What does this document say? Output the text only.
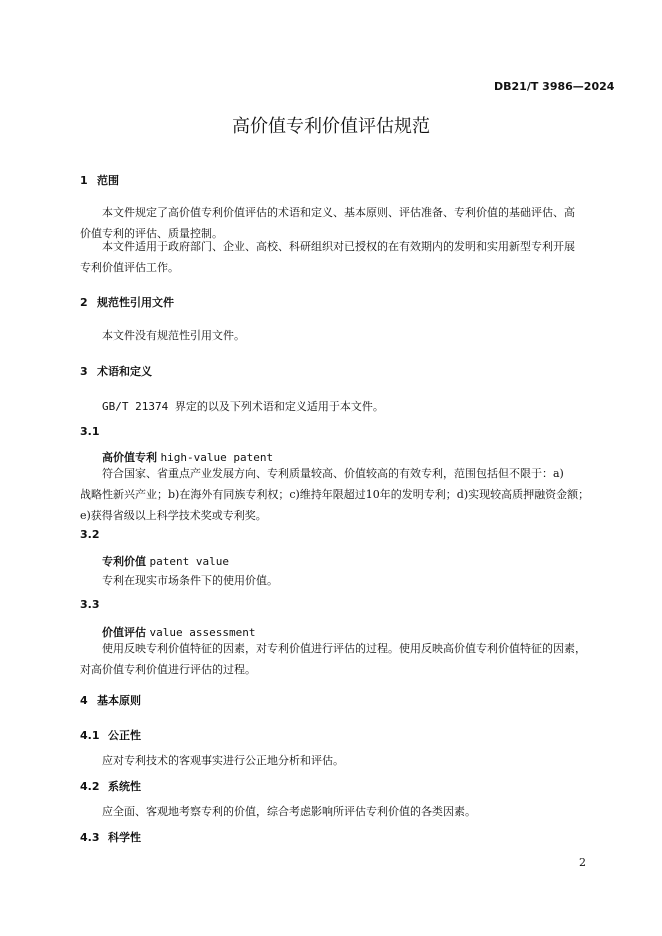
DB21/T 3986—2024
高价值专利价值评估规范
1 范围
本文件规定了高价值专利价值评估的术语和定义、基本原则、评估准备、专利价值的基础评估、高
价值专利的评估、质量控制。
本文件适用于政府部门、企业、高校、科研组织对已授权的在有效期内的发明和实用新型专利开展
专利价值评估工作。
2 规范性引用文件
本文件没有规范性引用文件。
3 术语和定义
GB/T 21374 界定的以及下列术语和定义适用于本文件。
3.1
高价值专利 high-value patent
符合国家、省重点产业发展方向、专利质量较高、价值较高的有效专利，范围包括但不限于：a)
战略性新兴产业；b)在海外有同族专利权；c)维持年限超过10年的发明专利；d)实现较高质押融资金额；
e)获得省级以上科学技术奖或专利奖。
3.2
专利价值 patent value
专利在现实市场条件下的使用价值。
3.3
价值评估 value assessment
使用反映专利价值特征的因素，对专利价值进行评估的过程。使用反映高价值专利价值特征的因素，
对高价值专利价值进行评估的过程。
4 基本原则
4.1 公正性
应对专利技术的客观事实进行公正地分析和评估。
4.2 系统性
应全面、客观地考察专利的价值，综合考虑影响所评估专利价值的各类因素。
4.3 科学性
2
